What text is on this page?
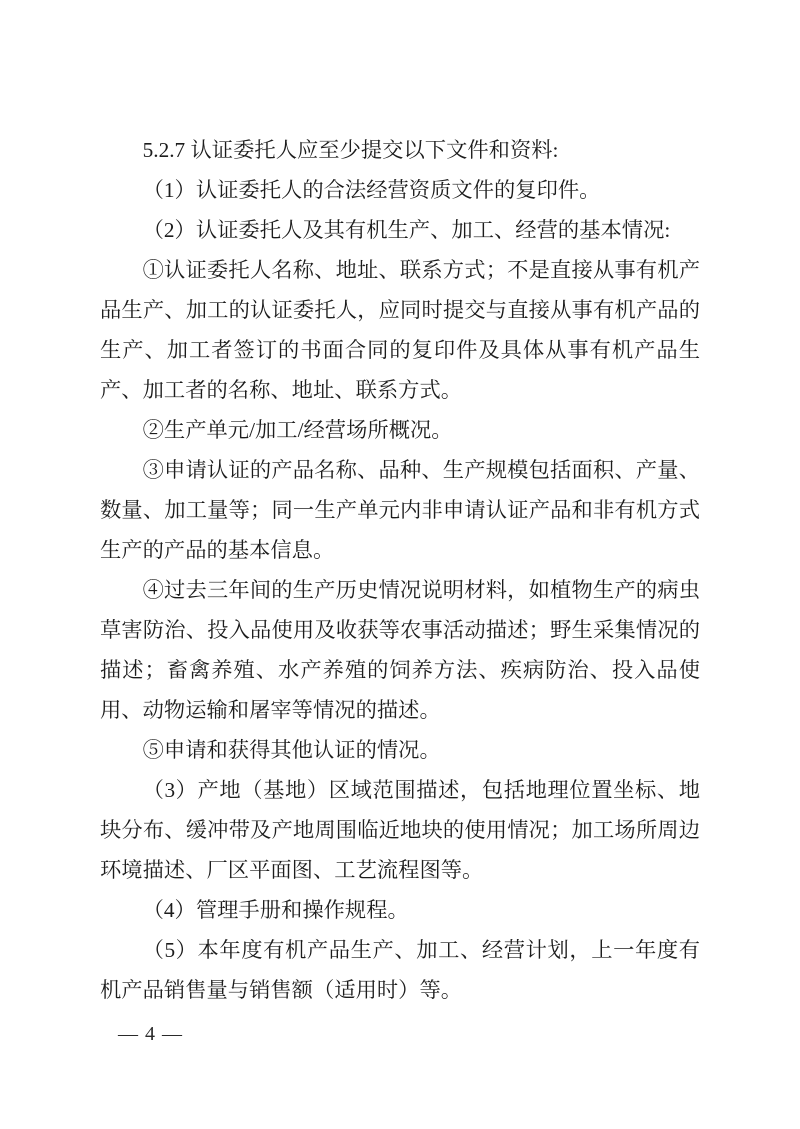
5.2.7 认证委托人应至少提交以下文件和资料:

（1）认证委托人的合法经营资质文件的复印件。

（2）认证委托人及其有机生产、加工、经营的基本情况:

①认证委托人名称、地址、联系方式；不是直接从事有机产品生产、加工的认证委托人，应同时提交与直接从事有机产品的生产、加工者签订的书面合同的复印件及具体从事有机产品生产、加工者的名称、地址、联系方式。

②生产单元/加工/经营场所概况。

③申请认证的产品名称、品种、生产规模包括面积、产量、数量、加工量等；同一生产单元内非申请认证产品和非有机方式生产的产品的基本信息。

④过去三年间的生产历史情况说明材料，如植物生产的病虫草害防治、投入品使用及收获等农事活动描述；野生采集情况的描述；畜禽养殖、水产养殖的饲养方法、疾病防治、投入品使用、动物运输和屠宰等情况的描述。

⑤申请和获得其他认证的情况。

（3）产地（基地）区域范围描述，包括地理位置坐标、地块分布、缓冲带及产地周围临近地块的使用情况；加工场所周边环境描述、厂区平面图、工艺流程图等。

（4）管理手册和操作规程。

（5）本年度有机产品生产、加工、经营计划，上一年度有机产品销售量与销售额（适用时）等。

— 4 —
